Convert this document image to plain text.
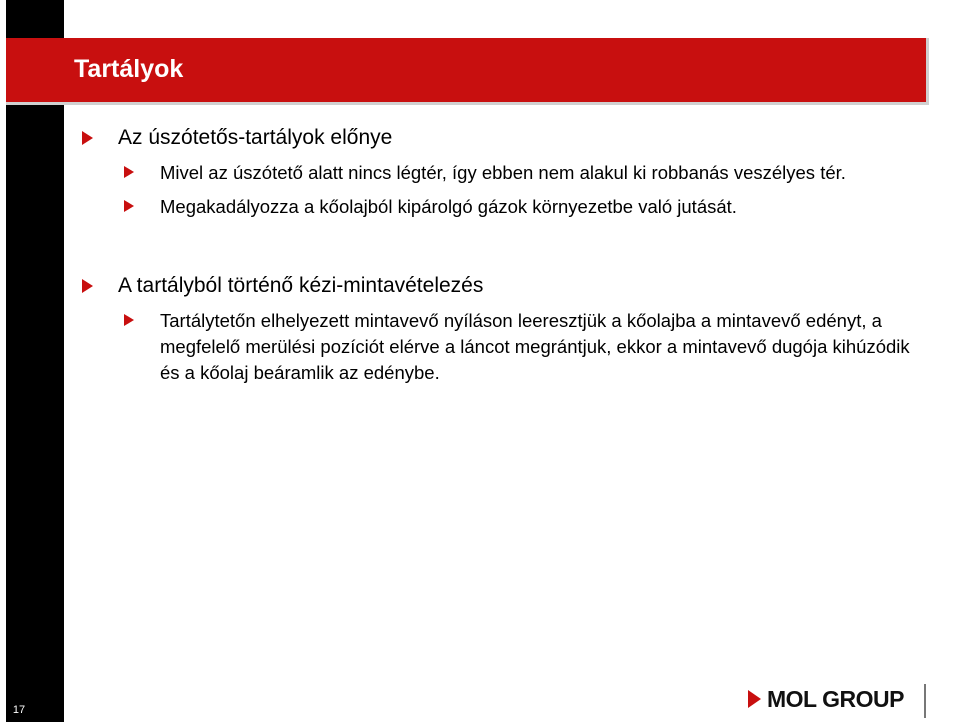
17
Tartályok
Az úszótetős-tartályok előnye
Mivel az úszótető alatt nincs légtér, így ebben nem alakul ki robbanás veszélyes tér.
Megakadályozza a kőolajból kipárolgó gázok környezetbe való jutását.
A tartályból történő kézi-mintavételezés
Tartálytetőn elhelyezett mintavevő nyíláson leeresztjük a kőolajba a mintavevő edényt, a megfelelő merülési pozíciót elérve a láncot megrántjuk, ekkor a mintavevő dugója kihúzódik és a kőolaj beáramlik az edénybe.
MOL GROUP
